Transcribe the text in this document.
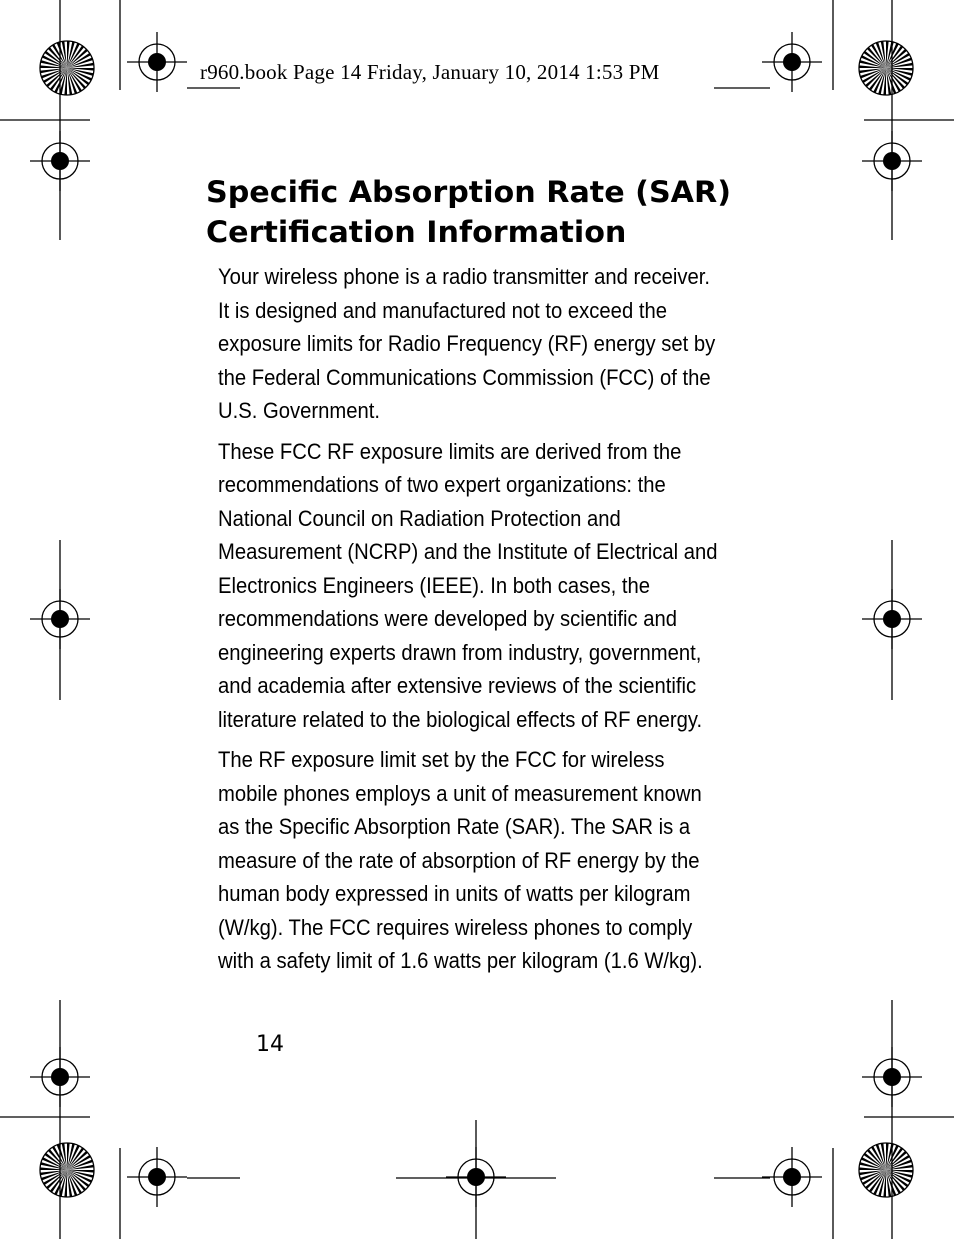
r960.book Page 14 Friday, January 10, 2014 1:53 PM
Specific Absorption Rate (SAR)
Certification Information

Your wireless phone is a radio transmitter and receiver.
It is designed and manufactured not to exceed the
exposure limits for Radio Frequency (RF) energy set by
the Federal Communications Commission (FCC) of the
U.S. Government.

These FCC RF exposure limits are derived from the
recommendations of two expert organizations: the
National Council on Radiation Protection and
Measurement (NCRP) and the Institute of Electrical and
Electronics Engineers (IEEE). In both cases, the
recommendations were developed by scientific and
engineering experts drawn from industry, government,
and academia after extensive reviews of the scientific
literature related to the biological effects of RF energy.

The RF exposure limit set by the FCC for wireless
mobile phones employs a unit of measurement known
as the Specific Absorption Rate (SAR). The SAR is a
measure of the rate of absorption of RF energy by the
human body expressed in units of watts per kilogram
(W/kg). The FCC requires wireless phones to comply
with a safety limit of 1.6 watts per kilogram (1.6 W/kg).

14
